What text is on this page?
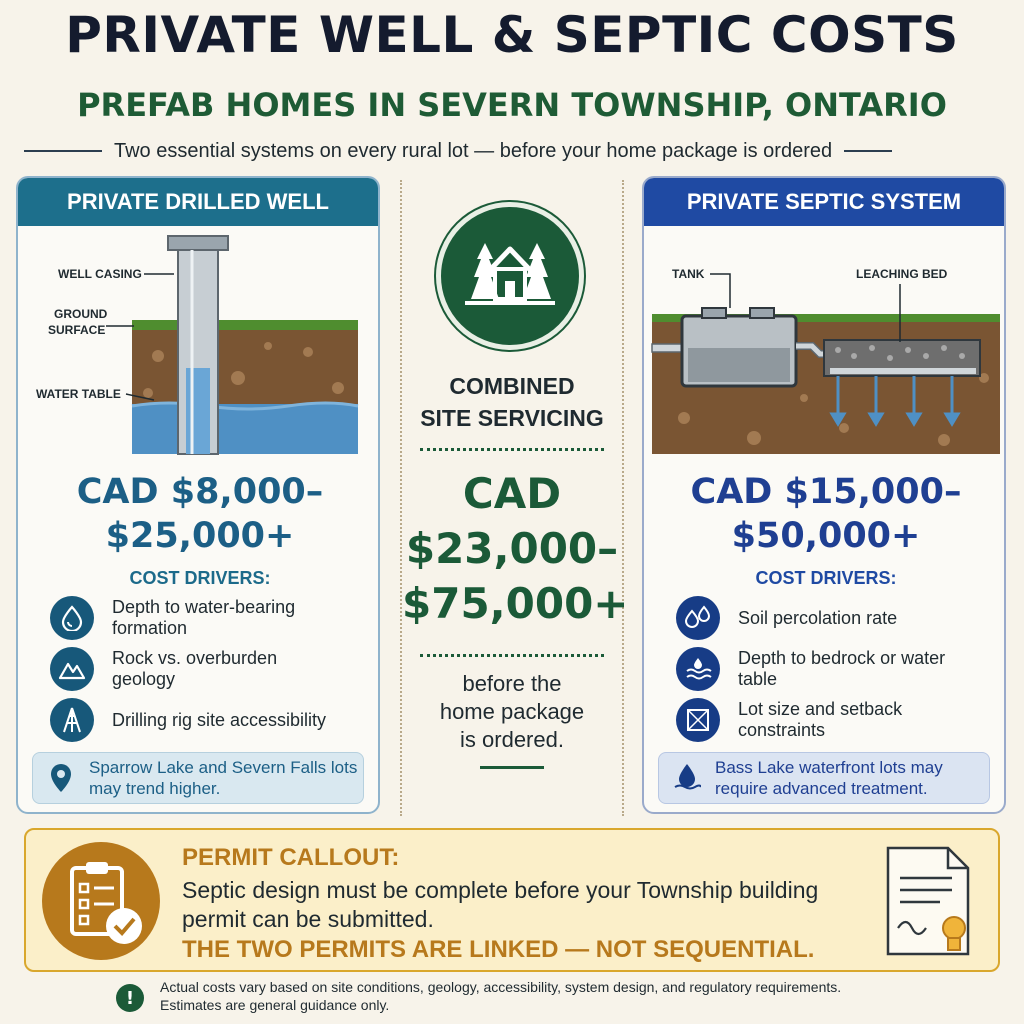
PRIVATE WELL & SEPTIC COSTS
PREFAB HOMES IN SEVERN TOWNSHIP, ONTARIO
Two essential systems on every rural lot — before your home package is ordered
PRIVATE DRILLED WELL
WELL CASING
GROUND
SURFACE
WATER TABLE
CAD $8,000–
$25,000+
COST DRIVERS:
Depth to water-bearing formation
Rock vs. overburden geology
Drilling rig site accessibility
Sparrow Lake and Severn Falls lots may trend higher.
COMBINED
SITE SERVICING
CAD
$23,000–
$75,000+
before the
home package
is ordered.
PRIVATE SEPTIC SYSTEM
TANK	LEACHING BED
CAD $15,000–
$50,000+
COST DRIVERS:
Soil percolation rate
Depth to bedrock or water table
Lot size and setback constraints
Bass Lake waterfront lots may require advanced treatment.
PERMIT CALLOUT:
Septic design must be complete before your Township building permit can be submitted.
THE TWO PERMITS ARE LINKED — NOT SEQUENTIAL.
!
Actual costs vary based on site conditions, geology, accessibility, system design, and regulatory requirements. Estimates are general guidance only.
